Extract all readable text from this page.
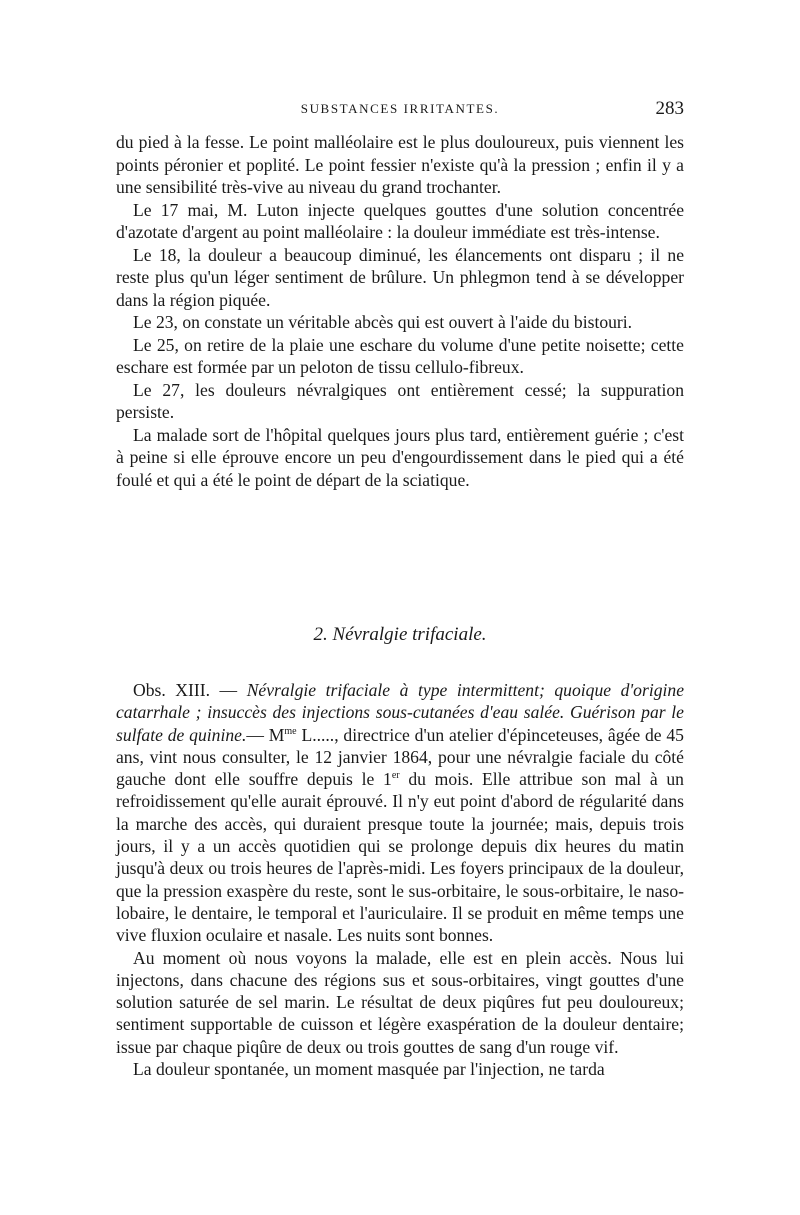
SUBSTANCES IRRITANTES.	283

du pied à la fesse. Le point malléolaire est le plus douloureux, puis viennent les points péronier et poplité. Le point fessier n'existe qu'à la pression ; enfin il y a une sensibilité très-vive au niveau du grand trochanter.

Le 17 mai, M. Luton injecte quelques gouttes d'une solution concentrée d'azotate d'argent au point malléolaire : la douleur immédiate est très-intense.

Le 18, la douleur a beaucoup diminué, les élancements ont disparu ; il ne reste plus qu'un léger sentiment de brûlure. Un phlegmon tend à se développer dans la région piquée.

Le 23, on constate un véritable abcès qui est ouvert à l'aide du bistouri.

Le 25, on retire de la plaie une eschare du volume d'une petite noisette; cette eschare est formée par un peloton de tissu cellulo-fibreux.

Le 27, les douleurs névralgiques ont entièrement cessé; la suppuration persiste.

La malade sort de l'hôpital quelques jours plus tard, entièrement guérie ; c'est à peine si elle éprouve encore un peu d'engourdissement dans le pied qui a été foulé et qui a été le point de départ de la sciatique.

2. Névralgie trifaciale.

Obs. XIII. — Névralgie trifaciale à type intermittent; quoique d'origine catarrhale ; insuccès des injections sous-cutanées d'eau salée. Guérison par le sulfate de quinine.— $M^{me}$ L....., directrice d'un atelier d'épinceteuses, âgée de 45 ans, vint nous consulter, le 12 janvier 1864, pour une névralgie faciale du côté gauche dont elle souffre depuis le 1er du mois. Elle attribue son mal à un refroidissement qu'elle aurait éprouvé. Il n'y eut point d'abord de régularité dans la marche des accès, qui duraient presque toute la journée; mais, depuis trois jours, il y a un accès quotidien qui se prolonge depuis dix heures du matin jusqu'à deux ou trois heures de l'après-midi. Les foyers principaux de la douleur, que la pression exaspère du reste, sont le sus-orbitaire, le sous-orbitaire, le naso-lobaire, le dentaire, le temporal et l'auriculaire. Il se produit en même temps une vive fluxion oculaire et nasale. Les nuits sont bonnes.

Au moment où nous voyons la malade, elle est en plein accès. Nous lui injectons, dans chacune des régions sus et sous-orbitaires, vingt gouttes d'une solution saturée de sel marin. Le résultat de deux piqûres fut peu douloureux; sentiment supportable de cuisson et légère exaspération de la douleur dentaire; issue par chaque piqûre de deux ou trois gouttes de sang d'un rouge vif.

La douleur spontanée, un moment masquée par l'injection, ne tarda
